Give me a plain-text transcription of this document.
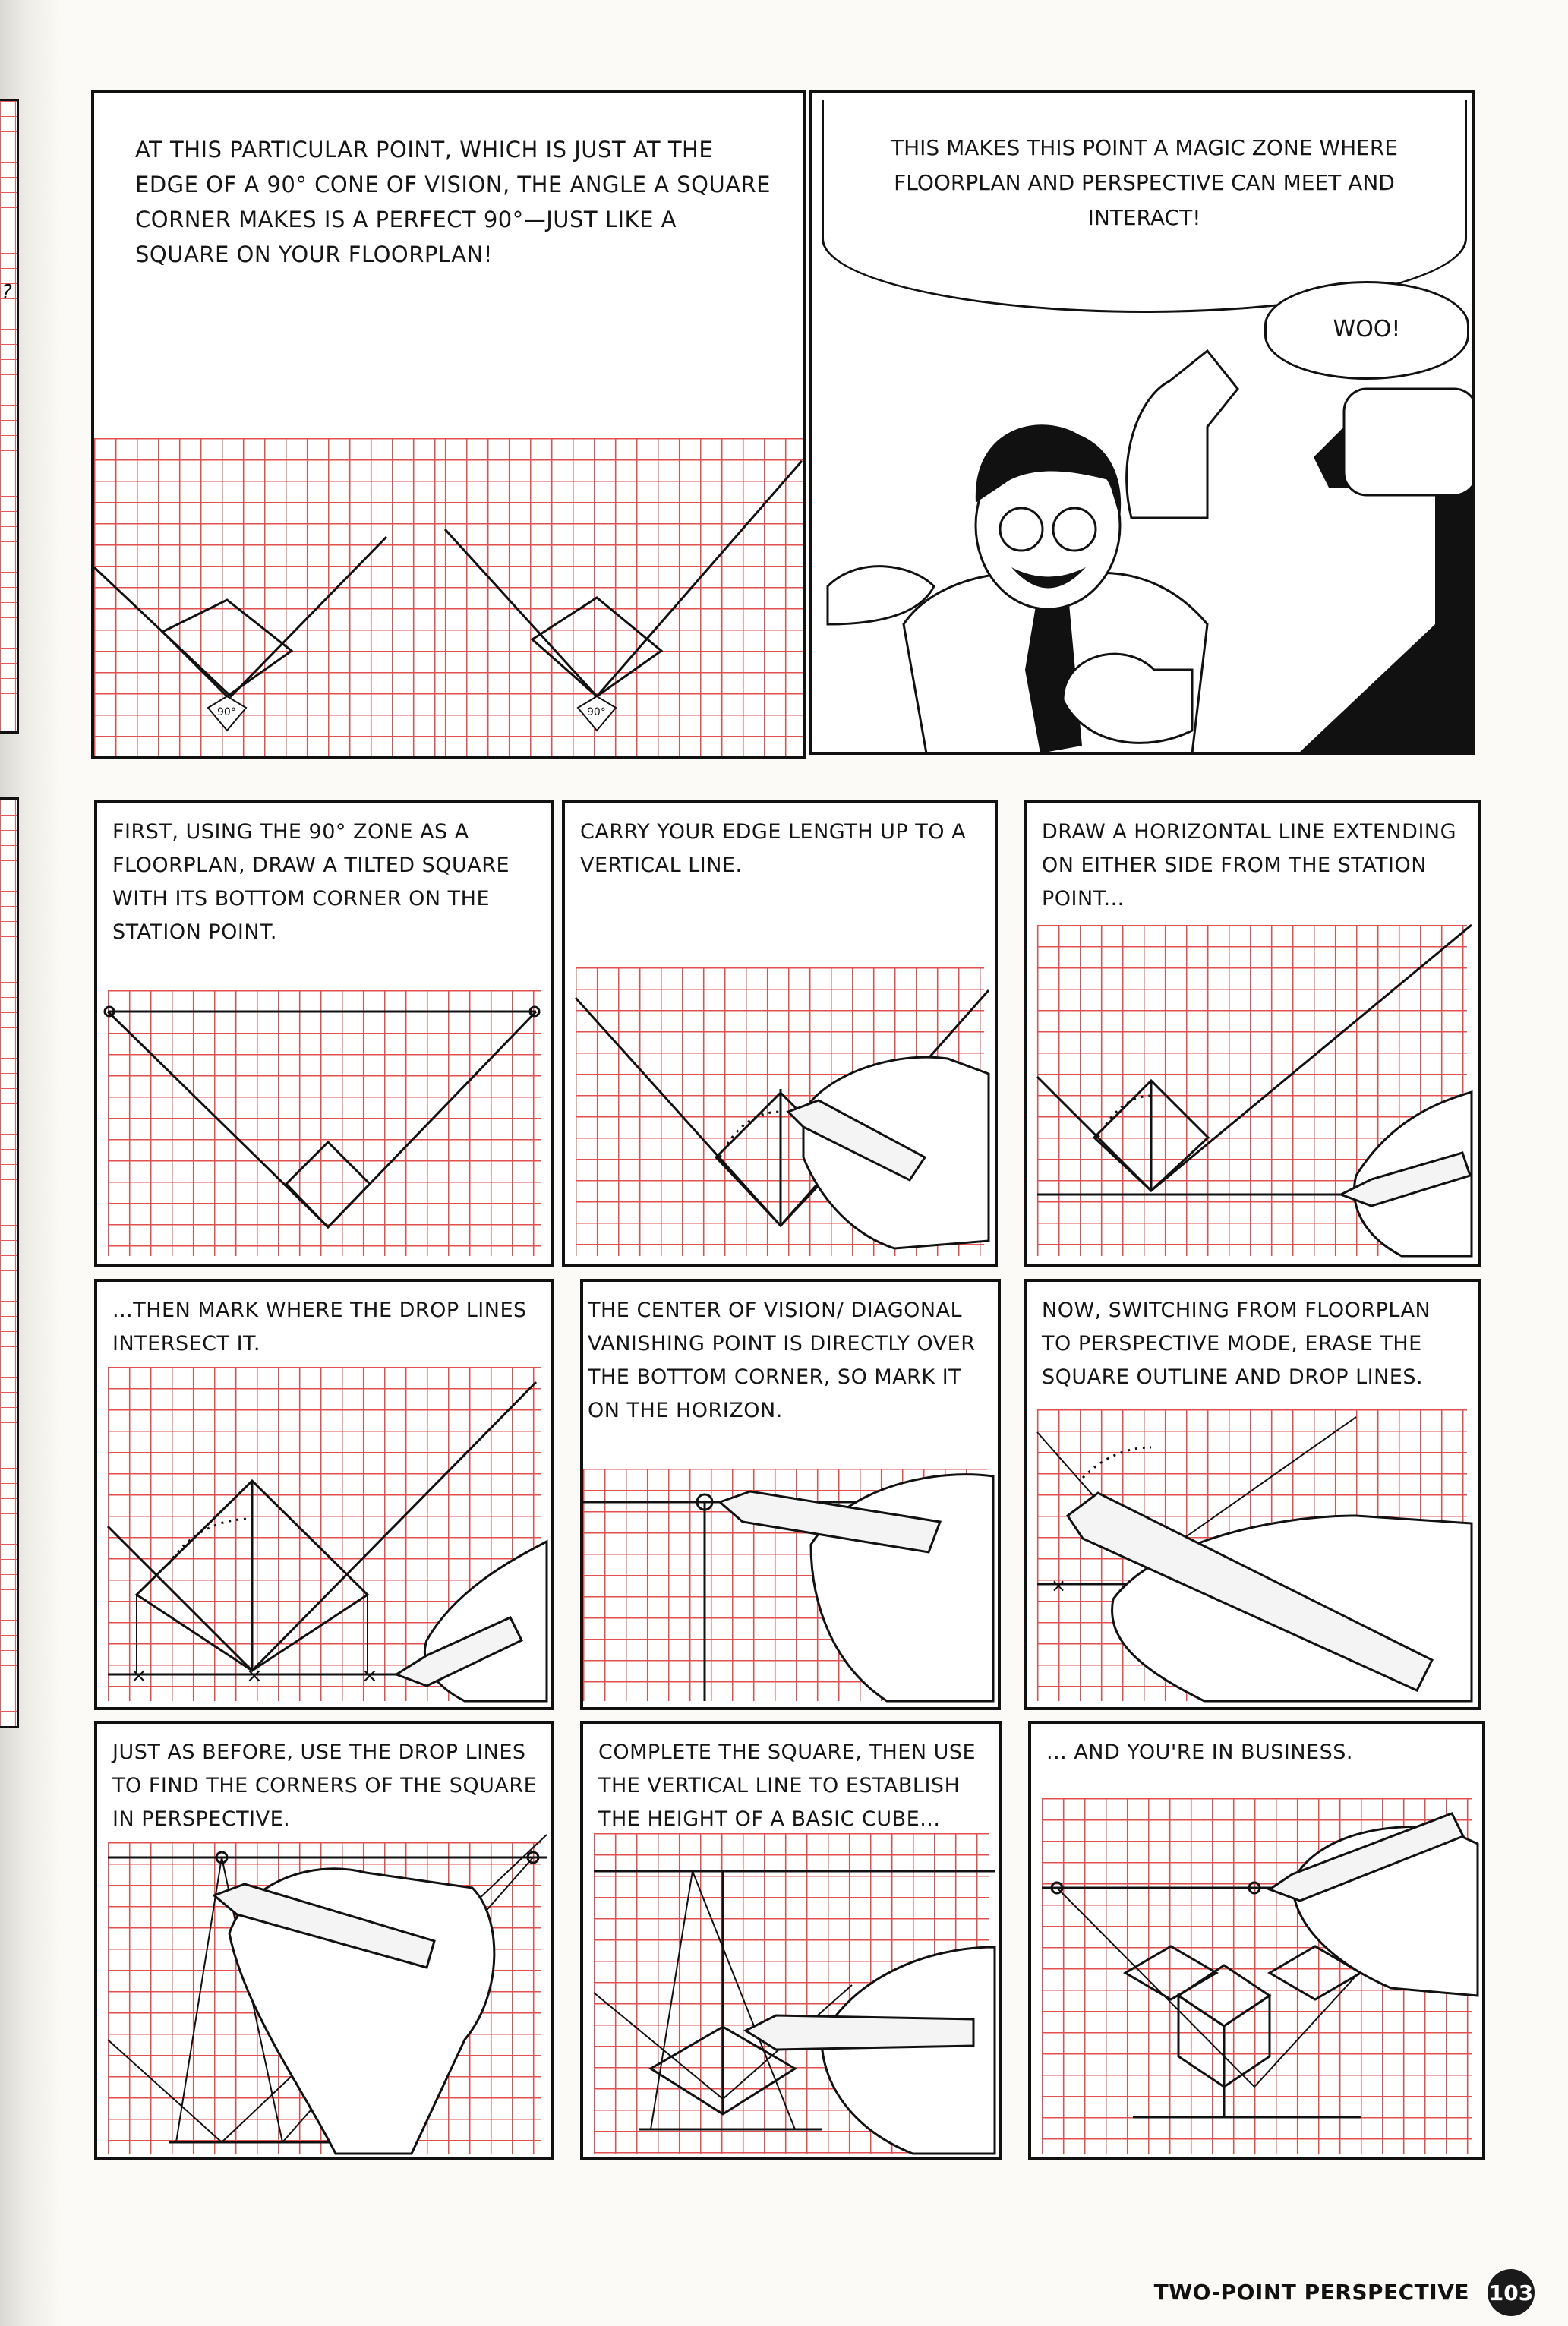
?
AT THIS PARTICULAR POINT, WHICH IS JUST AT THE EDGE OF A 90° CONE OF VISION, THE ANGLE A SQUARE CORNER MAKES IS A PERFECT 90°—JUST LIKE A SQUARE ON YOUR FLOORPLAN!
90°	90°
THIS MAKES THIS POINT A MAGIC ZONE WHERE FLOORPLAN AND PERSPECTIVE CAN MEET AND INTERACT!
WOO!
FIRST, USING THE 90° ZONE AS A FLOORPLAN, DRAW A TILTED SQUARE WITH ITS BOTTOM CORNER ON THE STATION POINT.
CARRY YOUR EDGE LENGTH UP TO A VERTICAL LINE.
DRAW A HORIZONTAL LINE EXTENDING ON EITHER SIDE FROM THE STATION POINT...
...THEN MARK WHERE THE DROP LINES INTERSECT IT.
×	×	×
THE CENTER OF VISION/ DIAGONAL VANISHING POINT IS DIRECTLY OVER THE BOTTOM CORNER, SO MARK IT ON THE HORIZON.
NOW, SWITCHING FROM FLOORPLAN TO PERSPECTIVE MODE, ERASE THE SQUARE OUTLINE AND DROP LINES.
×
JUST AS BEFORE, USE THE DROP LINES TO FIND THE CORNERS OF THE SQUARE IN PERSPECTIVE.
COMPLETE THE SQUARE, THEN USE THE VERTICAL LINE TO ESTABLISH THE HEIGHT OF A BASIC CUBE...
... AND YOU'RE IN BUSINESS.
TWO-POINT PERSPECTIVE 103
